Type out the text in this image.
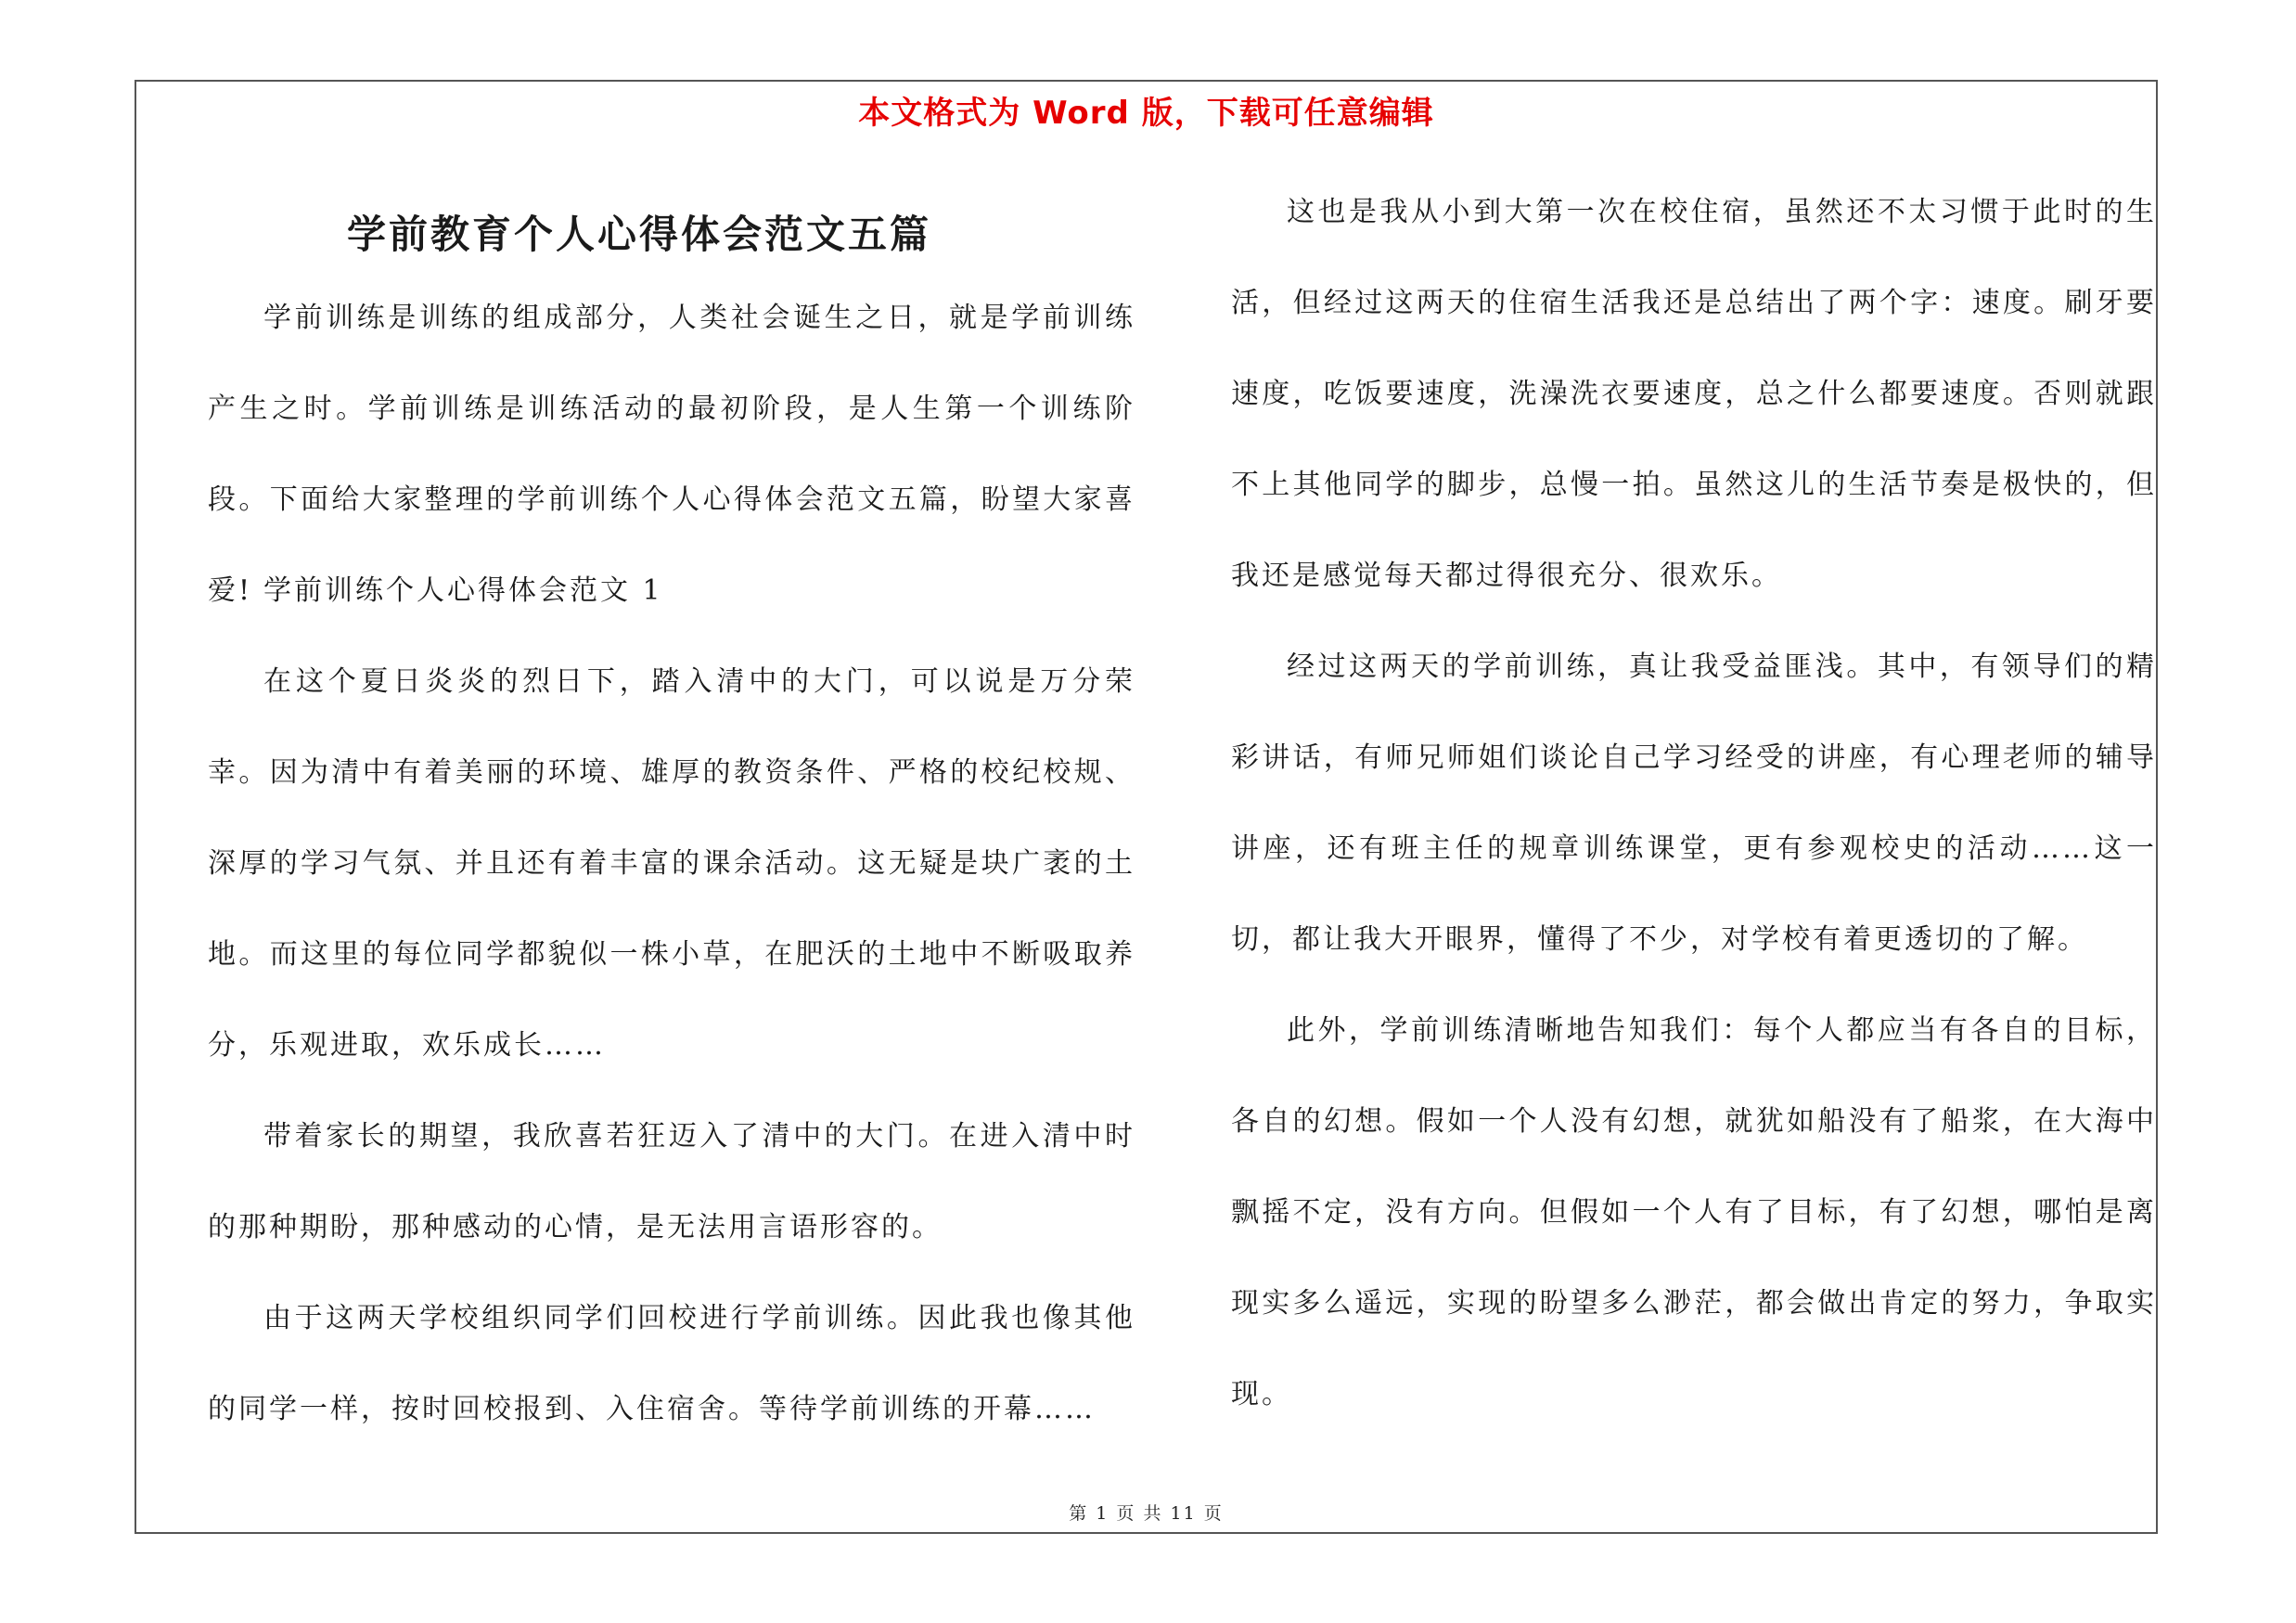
本文格式为 Word 版，下载可任意编辑
学前教育个人心得体会范文五篇

学前训练是训练的组成部分，人类社会诞生之日，就是学前训练产生之时。学前训练是训练活动的最初阶段，是人生第一个训练阶段。下面给大家整理的学前训练个人心得体会范文五篇，盼望大家喜爱! 学前训练个人心得体会范文 1

在这个夏日炎炎的烈日下，踏入清中的大门，可以说是万分荣幸。因为清中有着美丽的环境、雄厚的教资条件、严格的校纪校规、深厚的学习气氛、并且还有着丰富的课余活动。这无疑是块广袤的土地。而这里的每位同学都貌似一株小草，在肥沃的土地中不断吸取养分，乐观进取，欢乐成长……

带着家长的期望，我欣喜若狂迈入了清中的大门。在进入清中时的那种期盼，那种感动的心情，是无法用言语形容的。

由于这两天学校组织同学们回校进行学前训练。因此我也像其他的同学一样，按时回校报到、入住宿舍。等待学前训练的开幕……

这也是我从小到大第一次在校住宿，虽然还不太习惯于此时的生活，但经过这两天的住宿生活我还是总结出了两个字：速度。刷牙要速度，吃饭要速度，洗澡洗衣要速度，总之什么都要速度。否则就跟不上其他同学的脚步，总慢一拍。虽然这儿的生活节奏是极快的，但我还是感觉每天都过得很充分、很欢乐。

经过这两天的学前训练，真让我受益匪浅。其中，有领导们的精彩讲话，有师兄师姐们谈论自己学习经受的讲座，有心理老师的辅导讲座，还有班主任的规章训练课堂，更有参观校史的活动……这一切，都让我大开眼界，懂得了不少，对学校有着更透切的了解。

此外，学前训练清晰地告知我们：每个人都应当有各自的目标，各自的幻想。假如一个人没有幻想，就犹如船没有了船浆，在大海中飘摇不定，没有方向。但假如一个人有了目标，有了幻想，哪怕是离现实多么遥远，实现的盼望多么渺茫，都会做出肯定的努力，争取实现。

第 1 页 共 11 页
